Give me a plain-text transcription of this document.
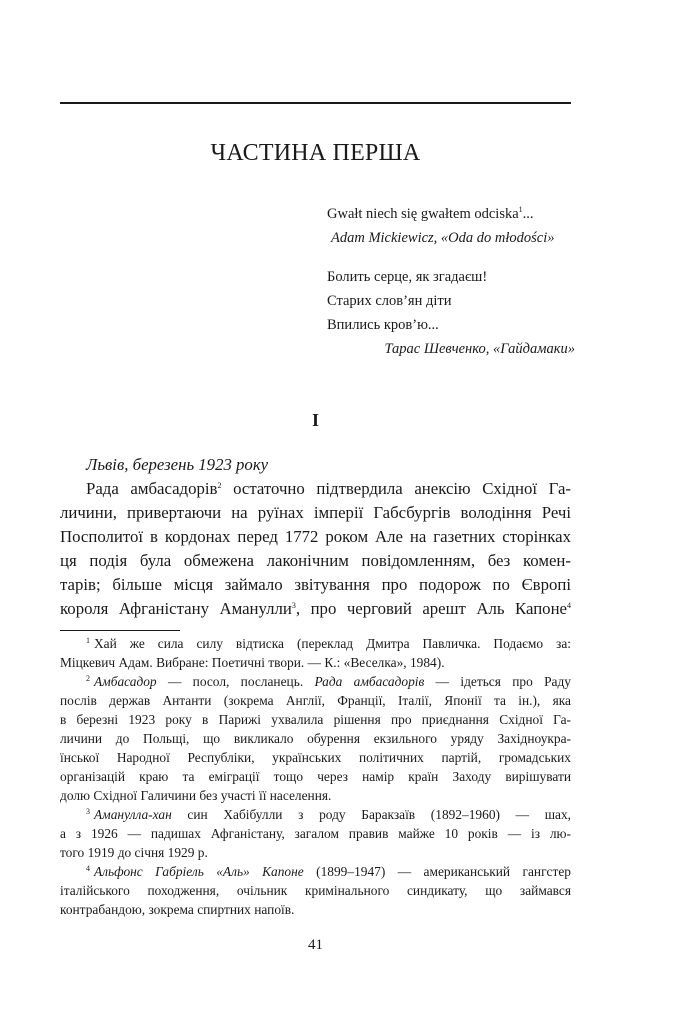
ЧАСТИНА ПЕРША
Gwałt niech się gwałtem odciska$^1$...
Adam Mickiewicz, «Oda do młodości»
Болить серце, як згадаєш!
Старих слов’ян діти
Впились кров’ю...
Тарас Шевченко, «Гайдамаки»
I
Львів, березень 1923 року
Рада амбасадорів$^2$ остаточно підтвердила анексію Східної Га-
личини, привертаючи на руїнах імперії Габсбургів володіння Речі
Посполитої в кордонах перед 1772 роком Але на газетних сторінках
ця подія була обмежена лаконічним повідомленням, без комен-
тарів; більше місця займало звітування про подорож по Європі
короля Афганістану Аманулли$^3$, про черговий арешт Аль Капоне$^4$
$^1$ Хай же сила силу відтиска (переклад Дмитра Павличка. Подаємо за:
Міцкевич Адам. Вибране: Поетичні твори. — К.: «Веселка», 1984).
$^2$ Амбасадор — посол, посланець. Рада амбасадорів — ідеться про Раду
послів держав Антанти (зокрема Англії, Франції, Італії, Японії та ін.), яка
в березні 1923 року в Парижі ухвалила рішення про приєднання Східної Га-
личини до Польщі, що викликало обурення екзильного уряду Західноукра-
їнської Народної Республіки, українських політичних партій, громадських
організацій краю та еміграції тощо через намір країн Заходу вирішувати
долю Східної Галичини без участі її населення.
$^3$ Аманулла-хан син Хабібулли з роду Баракзаїв (1892–1960) — шах,
а з 1926 — падишах Афганістану, загалом правив майже 10 років — із лю-
того 1919 до січня 1929 р.
$^4$ Альфонс Габріель «Аль» Капоне (1899–1947) — американський гангстер
італійського походження, очільник кримінального синдикату, що займався
контрабандою, зокрема спиртних напоїв.
41
